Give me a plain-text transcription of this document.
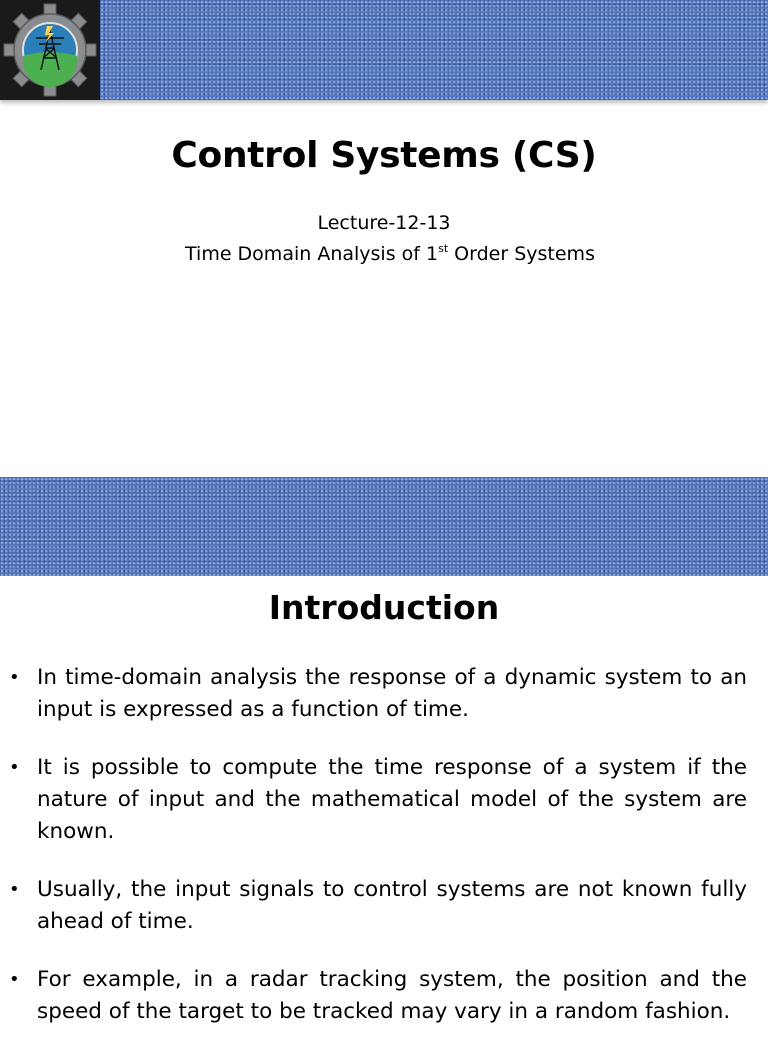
Control Systems (CS)
Lecture-12-13
Time Domain Analysis of 1st Order Systems
Introduction
• In time-domain analysis the response of a dynamic system to an input is expressed as a function of time.
• It is possible to compute the time response of a system if the nature of input and the mathematical model of the system are known.
• Usually, the input signals to control systems are not known fully ahead of time.
• For example, in a radar tracking system, the position and the speed of the target to be tracked may vary in a random fashion.
